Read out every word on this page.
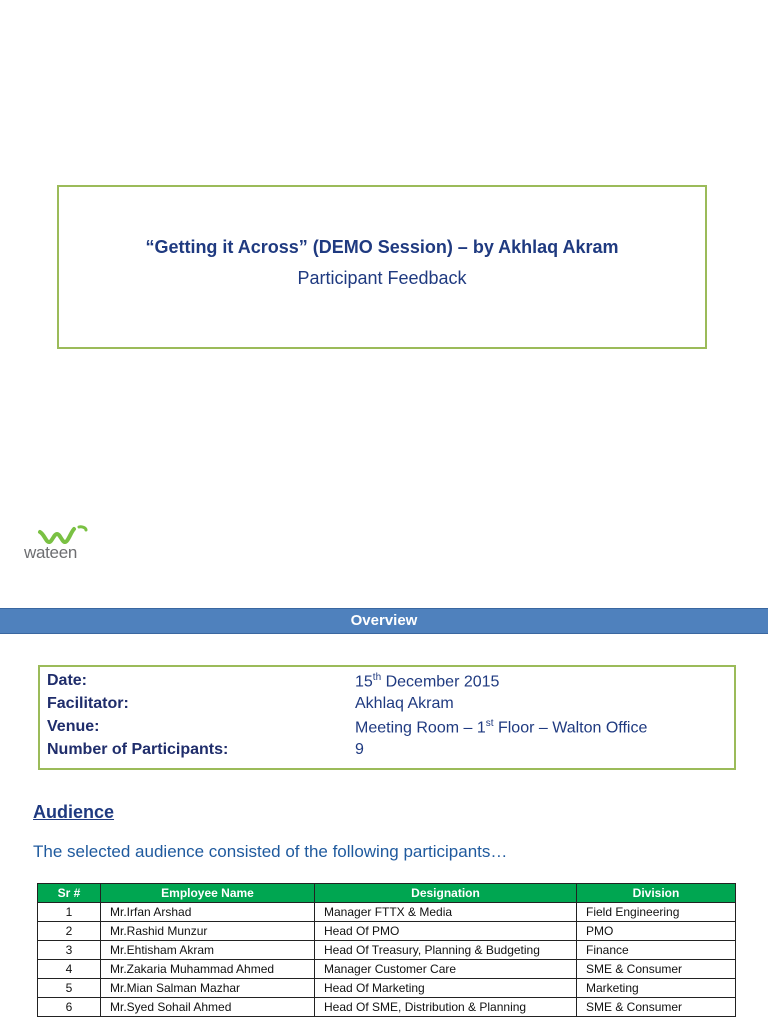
“Getting it Across” (DEMO Session) – by Akhlaq Akram
Participant Feedback
wateen
Overview
Date:	15th December 2015
Facilitator:	Akhlaq Akram
Venue:	Meeting Room – 1st Floor – Walton Office
Number of Participants:	9
Audience
The selected audience consisted of the following participants…
Sr #	Employee Name	Designation	Division
1	Mr.Irfan Arshad	Manager FTTX & Media	Field Engineering
2	Mr.Rashid Munzur	Head Of PMO	PMO
3	Mr.Ehtisham Akram	Head Of Treasury, Planning & Budgeting	Finance
4	Mr.Zakaria Muhammad Ahmed	Manager Customer Care	SME & Consumer
5	Mr.Mian Salman Mazhar	Head Of Marketing	Marketing
6	Mr.Syed Sohail Ahmed	Head Of SME, Distribution & Planning	SME & Consumer
